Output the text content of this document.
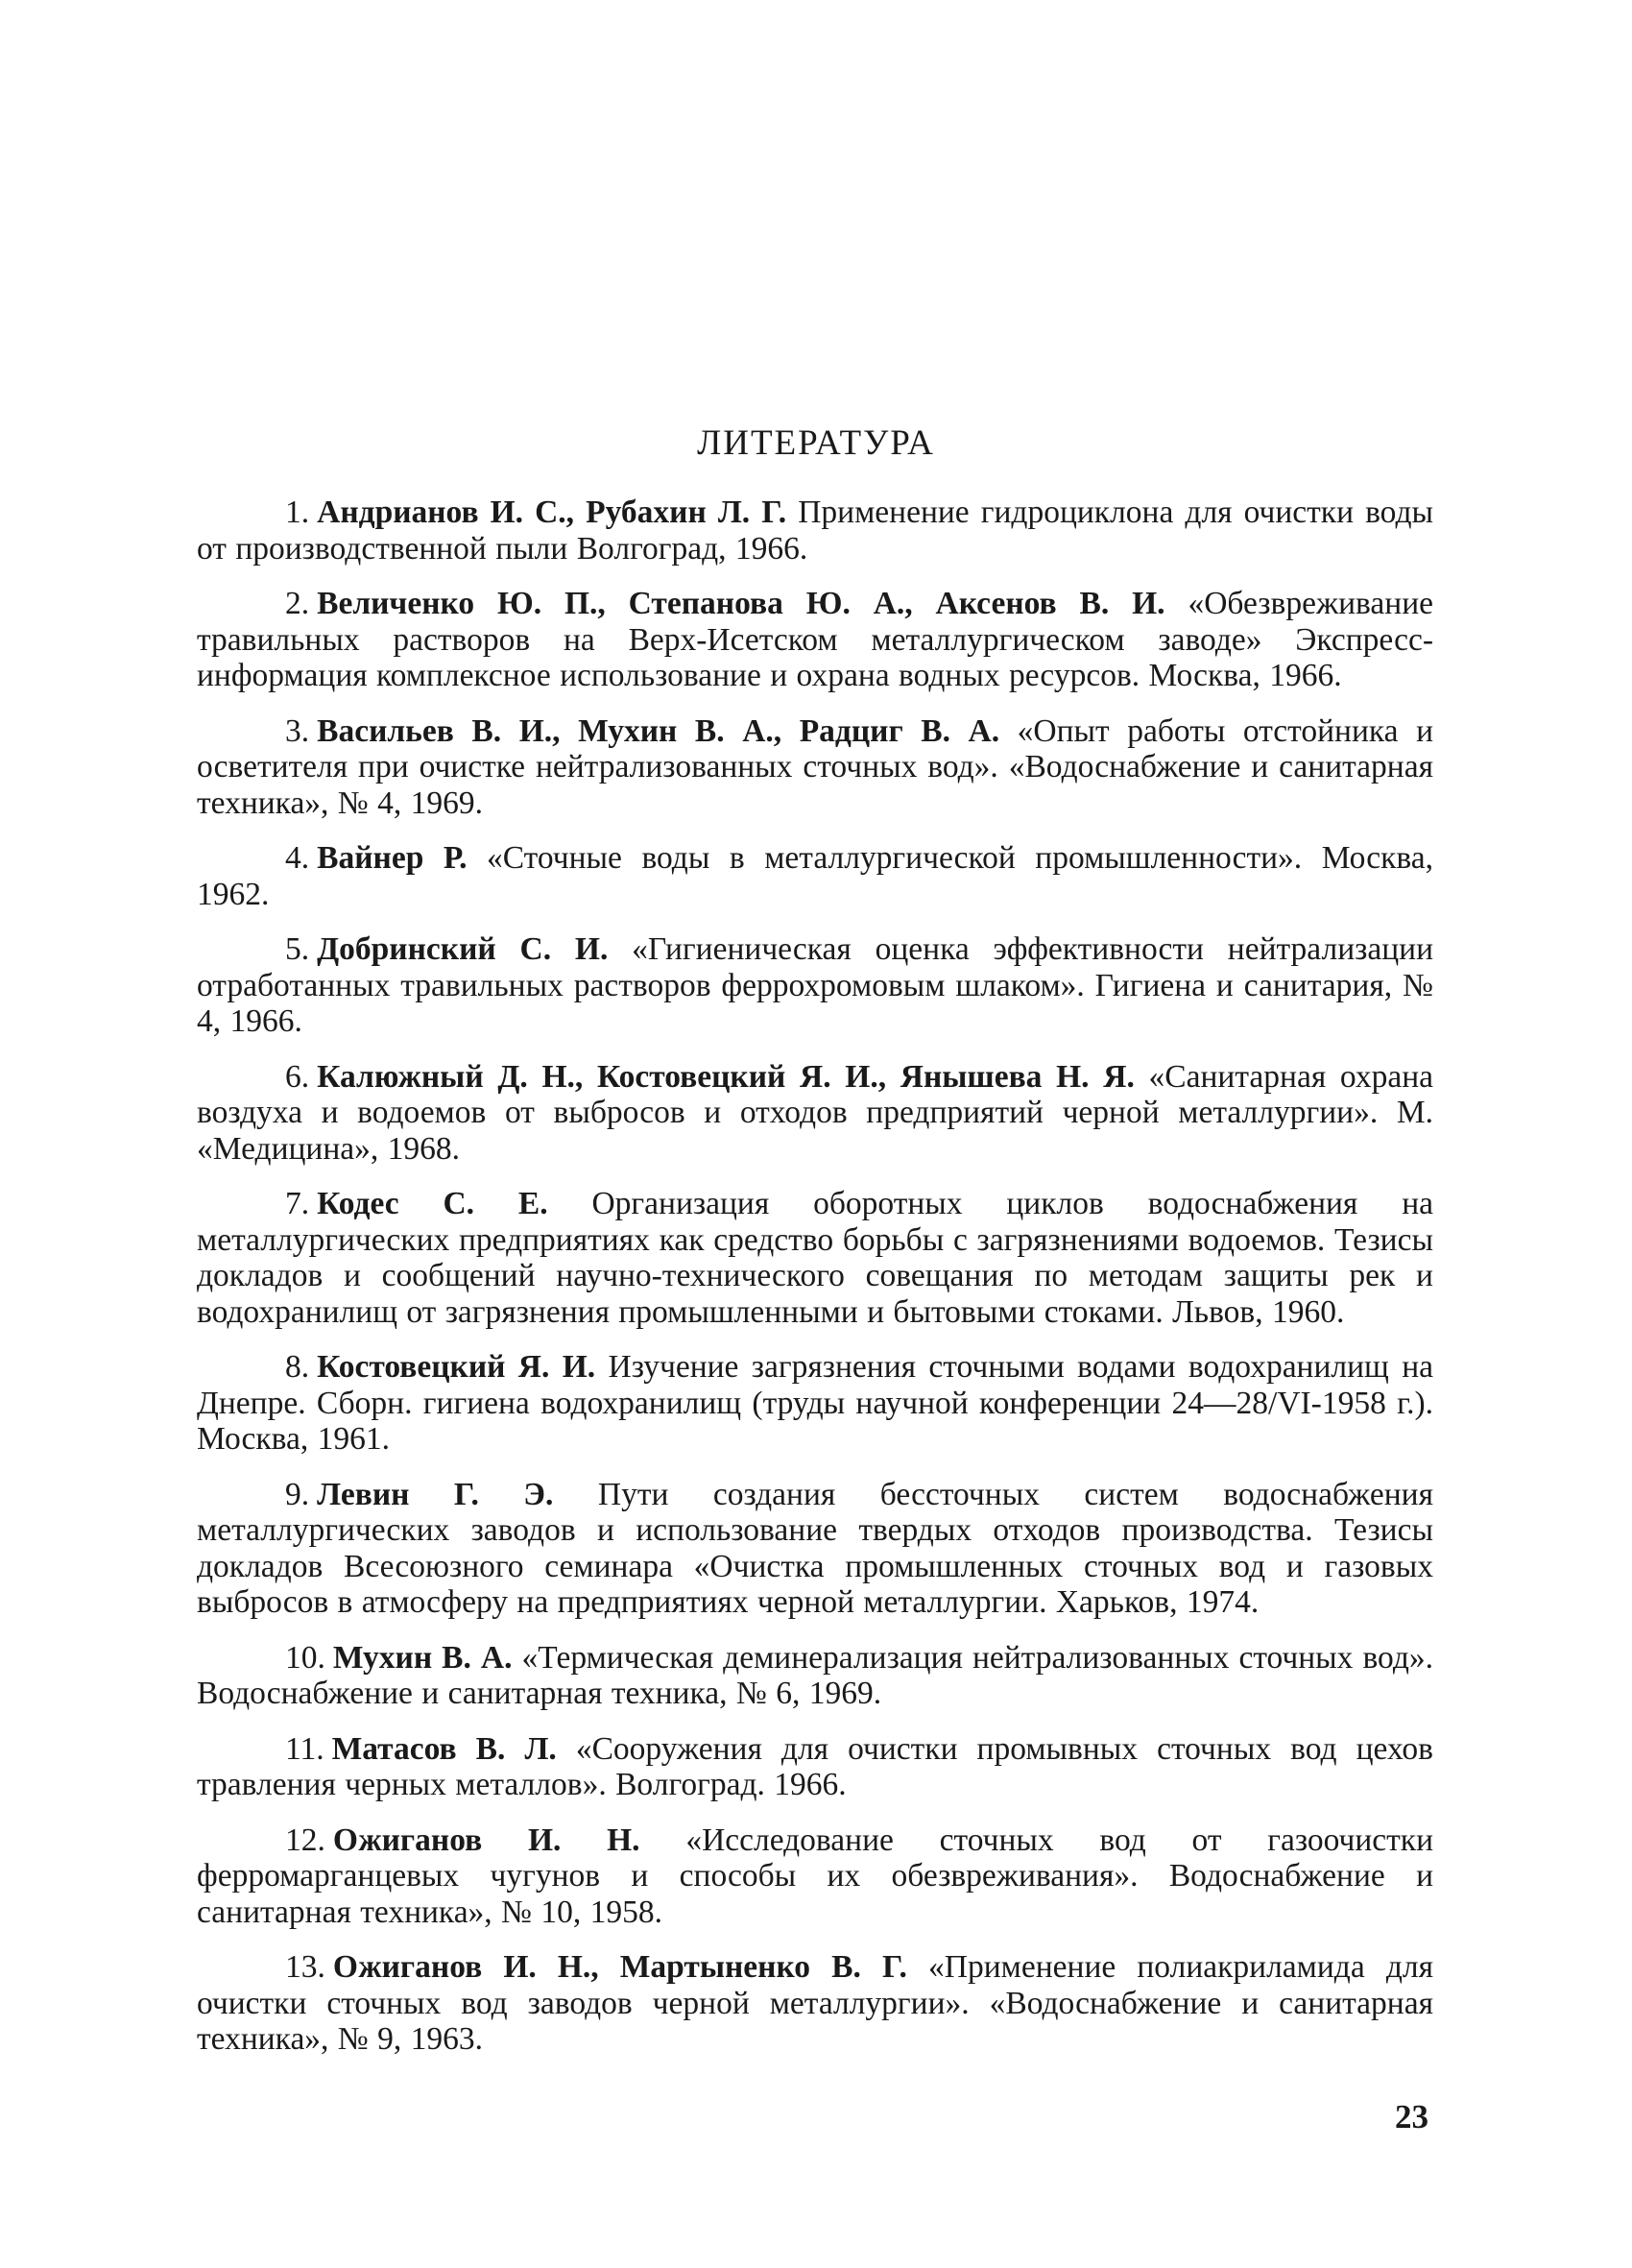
ЛИТЕРАТУРА
1. Андрианов И. С., Рубахин Л. Г. Применение гидроциклона для очистки воды от производственной пыли Волгоград, 1966.
2. Величенко Ю. П., Степанова Ю. А., Аксенов В. И. «Обезвреживание травильных растворов на Верх-Исетском металлургическом заводе» Экспресс-информация комплексное использование и охрана водных ресурсов. Москва, 1966.
3. Васильев В. И., Мухин В. А., Радциг В. А. «Опыт работы отстойника и осветителя при очистке нейтрализованных сточных вод». «Водоснабжение и санитарная техника», № 4, 1969.
4. Вайнер Р. «Сточные воды в металлургической промышленности». Москва, 1962.
5. Добринский С. И. «Гигиеническая оценка эффективности нейтрализации отработанных травильных растворов феррохромовым шлаком». Гигиена и санитария, № 4, 1966.
6. Калюжный Д. Н., Костовецкий Я. И., Янышева Н. Я. «Санитарная охрана воздуха и водоемов от выбросов и отходов предприятий черной металлургии». М. «Медицина», 1968.
7. Кодес С. Е. Организация оборотных циклов водоснабжения на металлургических предприятиях как средство борьбы с загрязнениями водоемов. Тезисы докладов и сообщений научно-технического совещания по методам защиты рек и водохранилищ от загрязнения промышленными и бытовыми стоками. Львов, 1960.
8. Костовецкий Я. И. Изучение загрязнения сточными водами водохранилищ на Днепре. Сборн. гигиена водохранилищ (труды научной конференции 24—28/VI-1958 г.). Москва, 1961.
9. Левин Г. Э. Пути создания бессточных систем водоснабжения металлургических заводов и использование твердых отходов производства. Тезисы докладов Всесоюзного семинара «Очистка промышленных сточных вод и газовых выбросов в атмосферу на предприятиях черной металлургии. Харьков, 1974.
10. Мухин В. А. «Термическая деминерализация нейтрализованных сточных вод». Водоснабжение и санитарная техника, № 6, 1969.
11. Матасов В. Л. «Сооружения для очистки промывных сточных вод цехов травления черных металлов». Волгоград. 1966.
12. Ожиганов И. Н. «Исследование сточных вод от газоочистки ферромарганцевых чугунов и способы их обезвреживания». Водоснабжение и санитарная техника», № 10, 1958.
13. Ожиганов И. Н., Мартыненко В. Г. «Применение полиакриламида для очистки сточных вод заводов черной металлургии». «Водоснабжение и санитарная техника», № 9, 1963.
23
